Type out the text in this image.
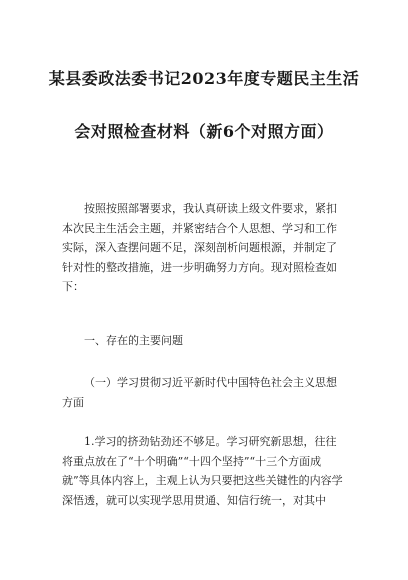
某县委政法委书记2023年度专题民主生活
会对照检查材料（新6个对照方面）
按照按照部署要求，我认真研读上级文件要求，紧扣本次民主生活会主题，并紧密结合个人思想、学习和工作实际，深入查摆问题不足，深刻剖析问题根源，并制定了针对性的整改措施，进一步明确努力方向。现对照检查如下：
一、存在的主要问题
（一）学习贯彻习近平新时代中国特色社会主义思想方面
1.学习的挤劲钻劲还不够足。学习研究新思想，往往将重点放在了“十个明确”“十四个坚持”“十三个方面成就”等具体内容上，主观上认为只要把这些关键性的内容学深悟透，就可以实现学思用贯通、知信行统一，对其中
